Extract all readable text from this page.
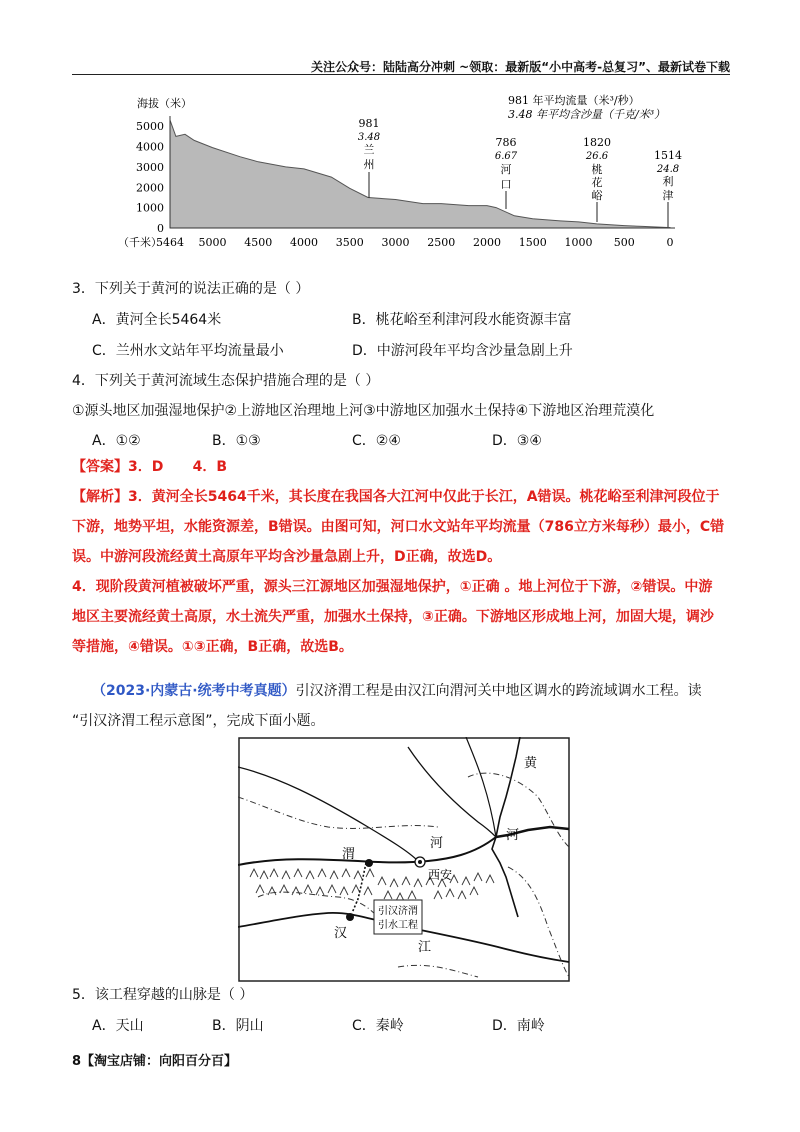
关注公众号：陆陆高分冲刺 ~领取：最新版“小中高考-总复习”、最新试卷下载
海拔（米）
（千米）
5000
4000
3000
2000
1000
0
5464 5000 4500 4000 3500 3000 2500 2000 1500 1000 500	0
981 年平均流量（米³/秒）
3.48 年平均含沙量（千克/米³）
981
3.48
兰
州
786
6.67
河
口
1820
26.6
桃
花
峪
1514
24.8
利
津
3．下列关于黄河的说法正确的是（ ）
A．黄河全长5464米	B．桃花峪至利津河段水能资源丰富
C．兰州水文站年平均流量最小	D．中游河段年平均含沙量急剧上升
4．下列关于黄河流域生态保护措施合理的是（ ）
①源头地区加强湿地保护②上游地区治理地上河③中游地区加强水土保持④下游地区治理荒漠化
A．①②	B．①③	C．②④	D．③④
【答案】3．D      4．B
【解析】3．黄河全长5464千米，其长度在我国各大江河中仅此于长江，A错误。桃花峪至利津河段位于
下游，地势平坦，水能资源差，B错误。由图可知，河口水文站年平均流量（786立方米每秒）最小，C错
误。中游河段流经黄土高原年平均含沙量急剧上升，D正确，故选D。
4．现阶段黄河植被破坏严重，源头三江源地区加强湿地保护，①正确 。地上河位于下游，②错误。中游
地区主要流经黄土高原，水土流失严重，加强水土保持，③正确。下游地区形成地上河，加固大堤，调沙
等措施，④错误。①③正确，B正确，故选B。
（2023·内蒙古·统考中考真题）引汉济渭工程是由汉江向渭河关中地区调水的跨流域调水工程。读
“引汉济渭工程示意图”，完成下面小题。
引汉济渭
引水工程
黄
河
河
渭
西安
汉
江
5．该工程穿越的山脉是（ ）
A．天山	B．阴山	C．秦岭	D．南岭
8【淘宝店铺：向阳百分百】
